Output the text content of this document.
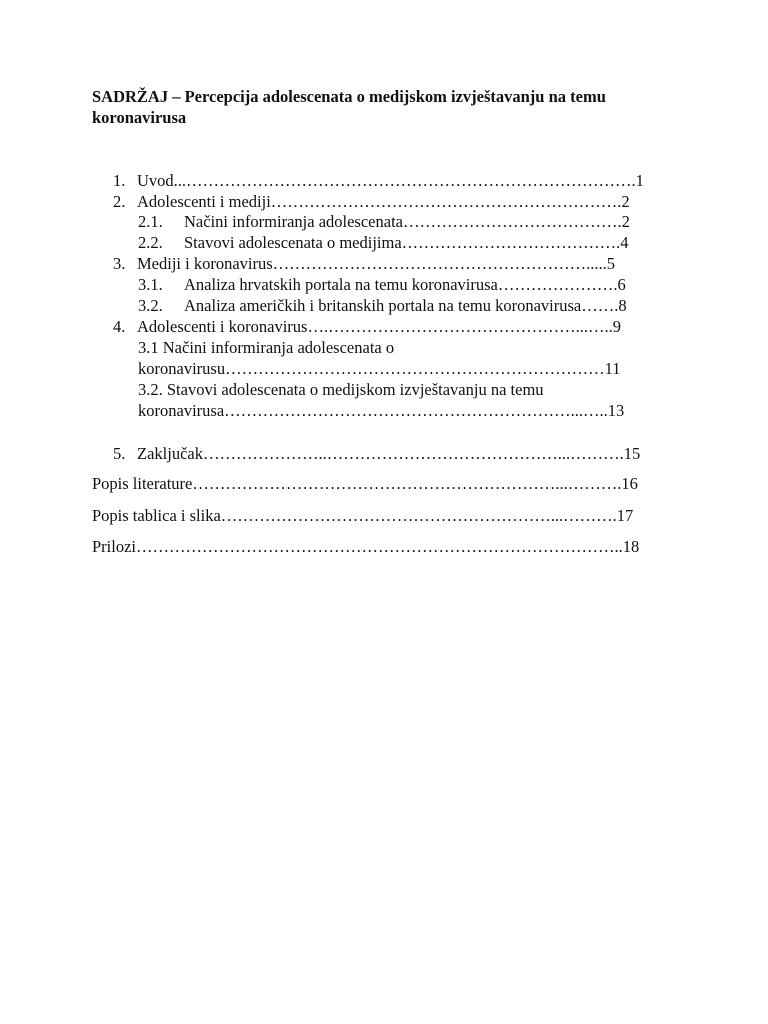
SADRŽAJ – Percepcija adolescenata o medijskom izvještavanju na temu koronavirusa
1. Uvod...……………………………………………………………………….1
2. Adolescenti i mediji……………………………………………………….2
2.1. Načini informiranja adolescenata………………………………….2
2.2. Stavovi adolescenata o medijima………………………………….4
3. Mediji i koronavirus………………………………………………….....5
3.1. Analiza hrvatskih portala na temu koronavirusa………………….6
3.2. Analiza američkih i britanskih portala na temu koronavirusa…….8
4. Adolescenti i koronavirus….………………………………………...…..9
3.1 Načini informiranja adolescenata o
koronavirusu……………………………………………………………11
3.2. Stavovi adolescenata o medijskom izvještavanju na temu
koronavirusa………………………………………………………...…..13
5. Zaključak…………………..……………………………………...……….15
Popis literature…………………………………………………………...……….16
Popis tablica i slika……………………………………………………...……….17
Prilozi……………………………………………………………………………..18
